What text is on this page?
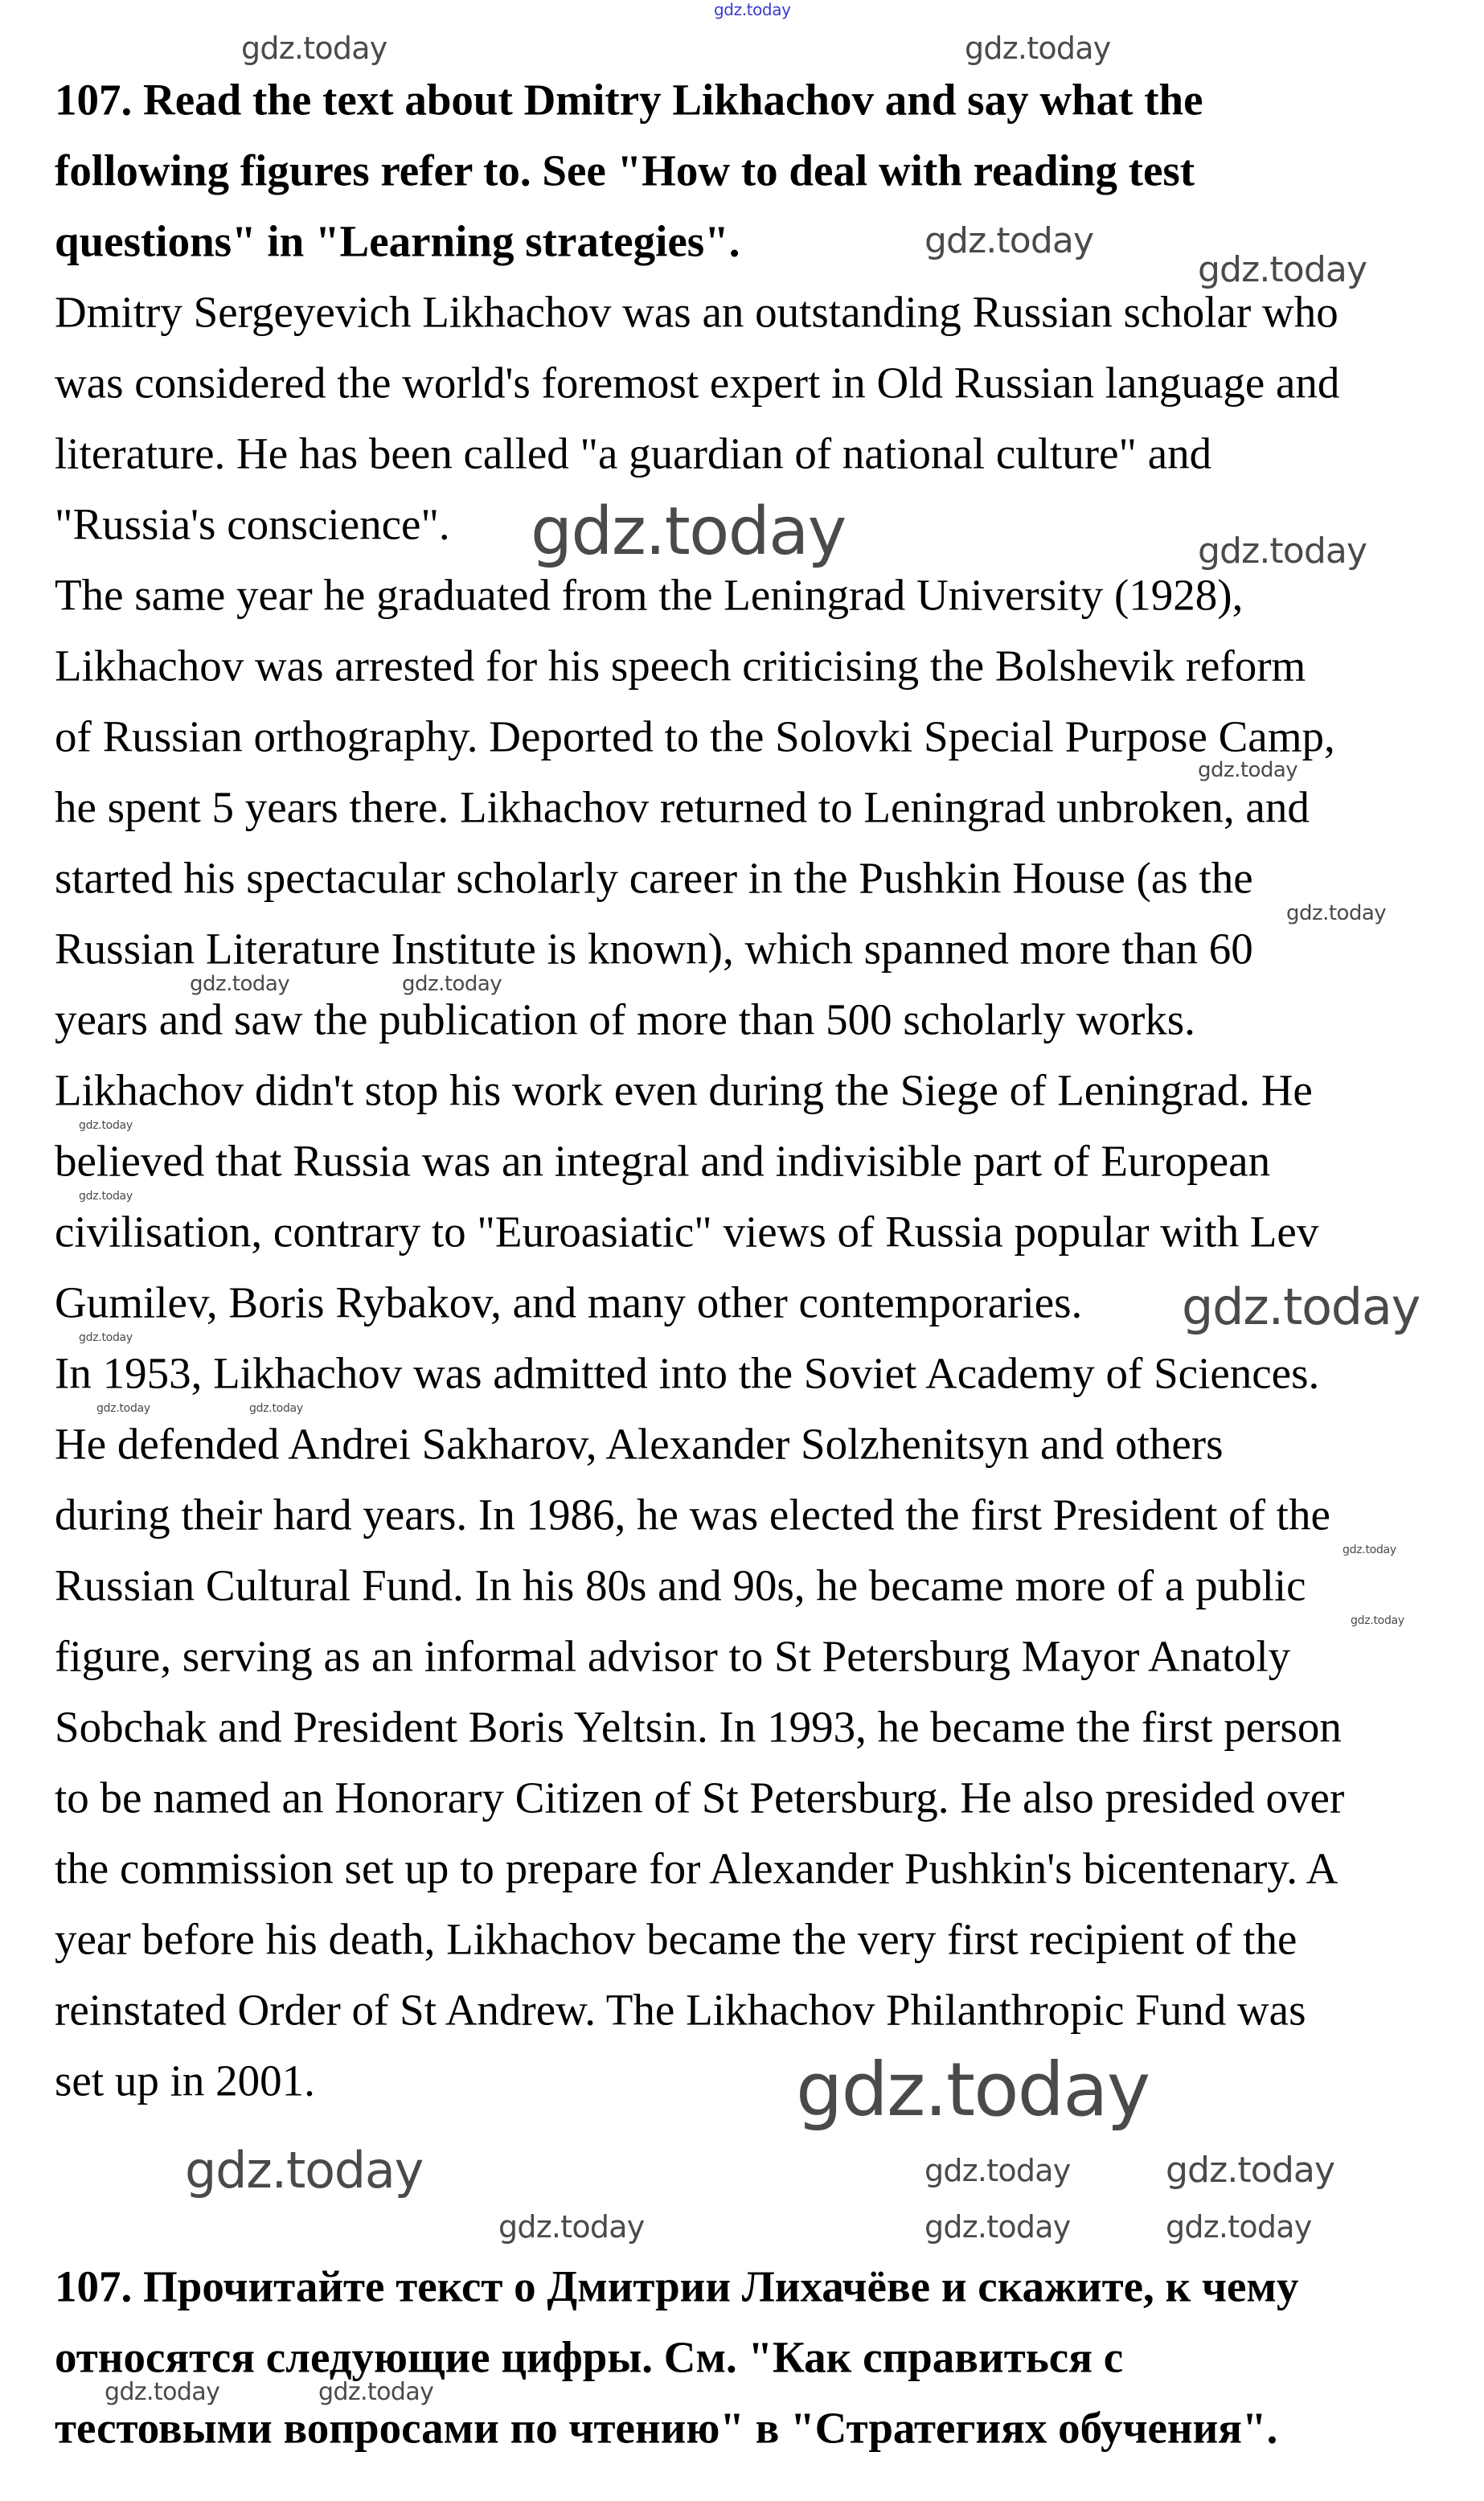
107. Read the text about Dmitry Likhachov and say what the
following figures refer to. See "How to deal with reading test
questions" in "Learning strategies".
Dmitry Sergeyevich Likhachov was an outstanding Russian scholar who
was considered the world's foremost expert in Old Russian language and
literature. He has been called "a guardian of national culture" and
"Russia's conscience".
The same year he graduated from the Leningrad University (1928),
Likhachov was arrested for his speech criticising the Bolshevik reform
of Russian orthography. Deported to the Solovki Special Purpose Camp,
he spent 5 years there. Likhachov returned to Leningrad unbroken, and
started his spectacular scholarly career in the Pushkin House (as the
Russian Literature Institute is known), which spanned more than 60
years and saw the publication of more than 500 scholarly works.
Likhachov didn't stop his work even during the Siege of Leningrad. He
believed that Russia was an integral and indivisible part of European
civilisation, contrary to "Euroasiatic" views of Russia popular with Lev
Gumilev, Boris Rybakov, and many other contemporaries.
In 1953, Likhachov was admitted into the Soviet Academy of Sciences.
He defended Andrei Sakharov, Alexander Solzhenitsyn and others
during their hard years. In 1986, he was elected the first President of the
Russian Cultural Fund. In his 80s and 90s, he became more of a public
figure, serving as an informal advisor to St Petersburg Mayor Anatoly
Sobchak and President Boris Yeltsin. In 1993, he became the first person
to be named an Honorary Citizen of St Petersburg. He also presided over
the commission set up to prepare for Alexander Pushkin's bicentenary. A
year before his death, Likhachov became the very first recipient of the
reinstated Order of St Andrew. The Likhachov Philanthropic Fund was
set up in 2001.
107. Прочитайте текст о Дмитрии Лихачёве и скажите, к чему
относятся следующие цифры. См. "Как справиться с
тестовыми вопросами по чтению" в "Стратегиях обучения".
gdz.today
gdz.today	gdz.today
gdz.today
gdz.today
gdz.today	gdz.today
gdz.today
gdz.today
gdz.today	gdz.today
gdz.today
gdz.today
gdz.today
gdz.today
gdz.today	gdz.today
gdz.today
gdz.today
gdz.today
gdz.today	gdz.today	gdz.today
gdz.today	gdz.today	gdz.today
gdz.today	gdz.today
